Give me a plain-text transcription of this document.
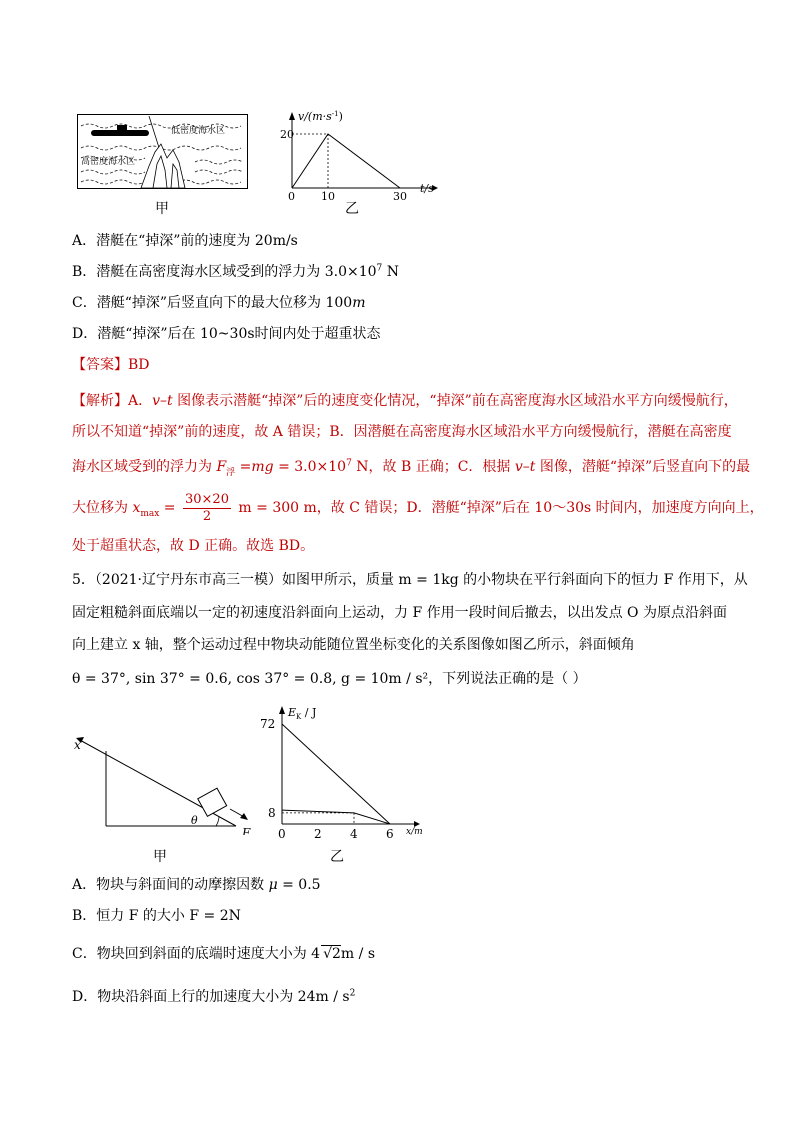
低密度海水区
高密度海水区
甲
$v/(m\cdot s^{-1})$
t/s
20
0 10	30
乙
A．潜艇在“掉深”前的速度为 20m/s
B．潜艇在高密度海水区域受到的浮力为 $3.0\times 10^7$ N
C．潜艇“掉深”后竖直向下的最大位移为 100m
D．潜艇“掉深”后在 10~30s时间内处于超重状态
【答案】BD
【解析】A．v–t 图像表示潜艇“掉深”后的速度变化情况，“掉深”前在高密度海水区域沿水平方向缓慢航行，
所以不知道“掉深”前的速度，故 A 错误；B．因潜艇在高密度海水区域沿水平方向缓慢航行，潜艇在高密度
海水区域受到的浮力为 $F_浮 =mg = 3.0\times 10^7$ N，故 B 正确；C．根据 v–t 图像，潜艇“掉深”后竖直向下的最
大位移为 $x_{max} = \frac{30\times 20}{2}$ m = 300 m，故 C 错误；D．潜艇“掉深”后在 10～30s 时间内，加速度方向向上，
处于超重状态，故 D 正确。故选 BD。
5．（2021·辽宁丹东市高三一模）如图甲所示，质量 m = 1kg 的小物块在平行斜面向下的恒力 F 作用下，从
固定粗糙斜面底端以一定的初速度沿斜面向上运动，力 F 作用一段时间后撤去，以出发点 O 为原点沿斜面
向上建立 x 轴，整个运动过程中物块动能随位置坐标变化的关系图像如图乙所示，斜面倾角
θ = 37°, sin 37° = 0.6, cos 37° = 0.8, g = 10m / s²，下列说法正确的是（ ）
x
F
θ
甲
$E_K$ / J
x/m
72
8
0 2 4 6
乙
A．物块与斜面间的动摩擦因数 μ = 0.5
B．恒力 F 的大小 F = 2N
C．物块回到斜面的底端时速度大小为 4 √2m / s
D．物块沿斜面上行的加速度大小为 $24m / s^2$
